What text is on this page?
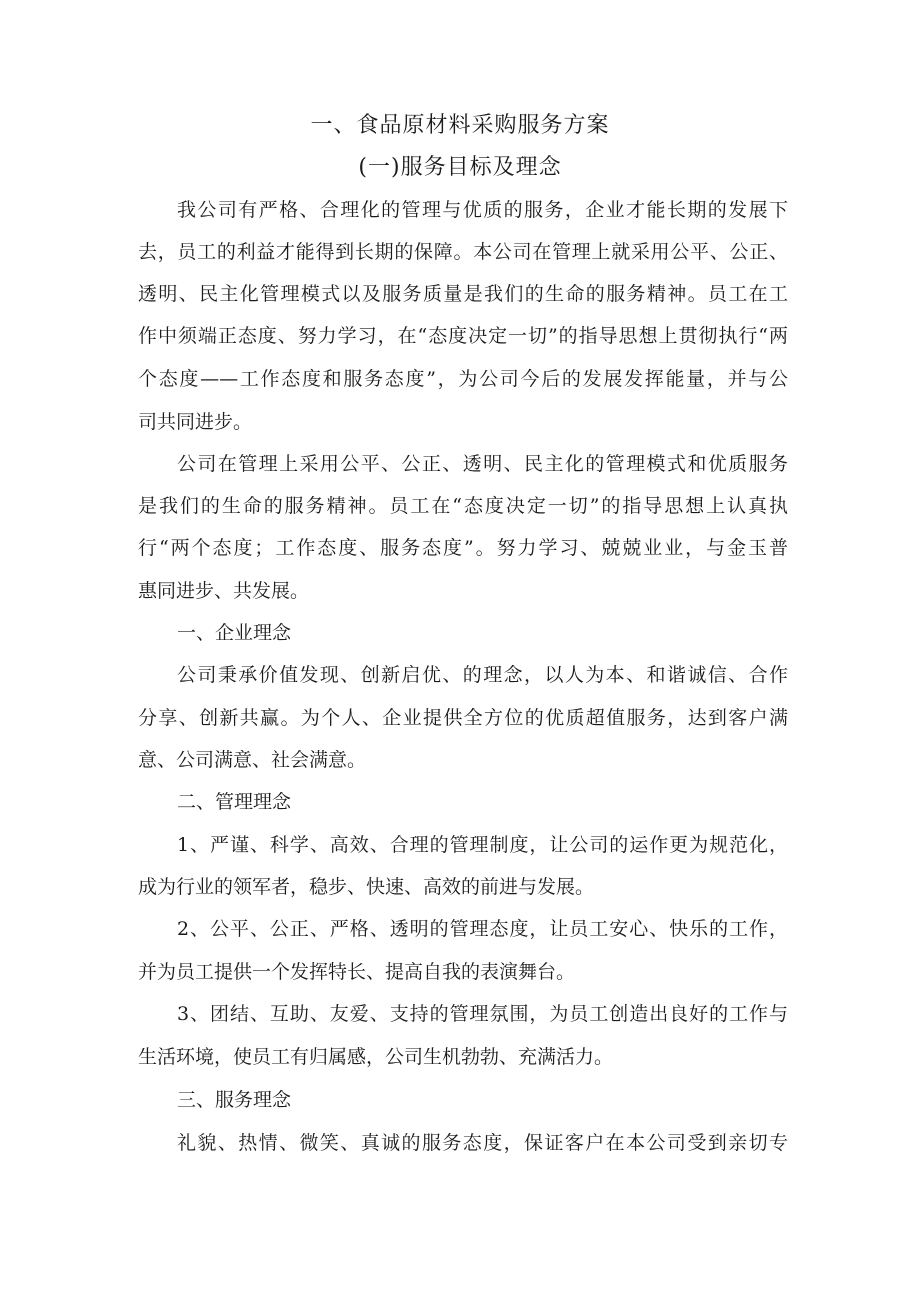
一、食品原材料采购服务方案
(一)服务目标及理念
我公司有严格、合理化的管理与优质的服务，企业才能长期的发展下
去，员工的利益才能得到长期的保障。本公司在管理上就采用公平、公正、
透明、民主化管理模式以及服务质量是我们的生命的服务精神。员工在工
作中须端正态度、努力学习，在“态度决定一切”的指导思想上贯彻执行“两
个态度——工作态度和服务态度”，为公司今后的发展发挥能量，并与公
司共同进步。
公司在管理上采用公平、公正、透明、民主化的管理模式和优质服务
是我们的生命的服务精神。员工在“态度决定一切”的指导思想上认真执
行“两个态度；工作态度、服务态度”。努力学习、兢兢业业，与金玉普
惠同进步、共发展。
一、企业理念
公司秉承价值发现、创新启优、的理念，以人为本、和谐诚信、合作
分享、创新共赢。为个人、企业提供全方位的优质超值服务，达到客户满
意、公司满意、社会满意。
二、管理理念
1、严谨、科学、高效、合理的管理制度，让公司的运作更为规范化，
成为行业的领军者，稳步、快速、高效的前进与发展。
2、公平、公正、严格、透明的管理态度，让员工安心、快乐的工作，
并为员工提供一个发挥特长、提高自我的表演舞台。
3、团结、互助、友爱、支持的管理氛围，为员工创造出良好的工作与
生活环境，使员工有归属感，公司生机勃勃、充满活力。
三、服务理念
礼貌、热情、微笑、真诚的服务态度，保证客户在本公司受到亲切专
